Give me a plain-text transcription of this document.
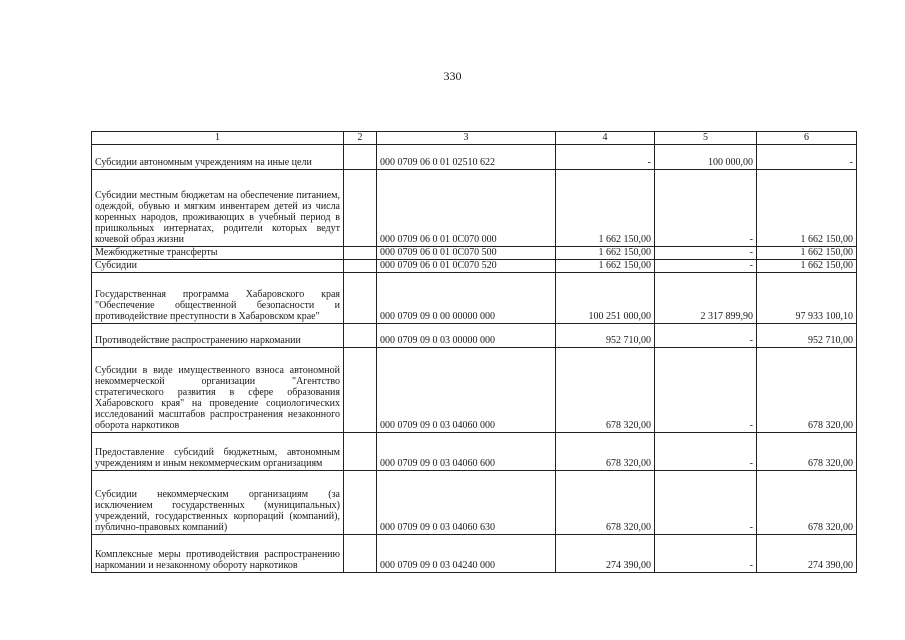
330
1	2	3	4	5	6
Субсидии автономным учреждениям на иные цели		000 0709 06 0 01 02510 622	-	100 000,00	-
Субсидии местным бюджетам на обеспечение питанием, одеждой, обувью и мягким инвентарем детей из числа коренных народов, проживающих в учебный период в пришкольных интернатах, родители которых ведут кочевой образ жизни		000 0709 06 0 01 0С070 000	1 662 150,00	-	1 662 150,00
Межбюджетные трансферты		000 0709 06 0 01 0С070 500	1 662 150,00	-	1 662 150,00
Субсидии		000 0709 06 0 01 0С070 520	1 662 150,00	-	1 662 150,00
Государственная программа Хабаровского края "Обеспечение общественной безопасности и противодействие преступности в Хабаровском крае"		000 0709 09 0 00 00000 000	100 251 000,00	2 317 899,90	97 933 100,10
Противодействие распространению наркомании		000 0709 09 0 03 00000 000	952 710,00	-	952 710,00
Субсидии в виде имущественного взноса автономной некоммерческой организации "Агентство стратегического развития в сфере образования Хабаровского края" на проведение социологических исследований масштабов распространения незаконного оборота наркотиков		000 0709 09 0 03 04060 000	678 320,00	-	678 320,00
Предоставление субсидий бюджетным, автономным учреждениям и иным некоммерческим организациям		000 0709 09 0 03 04060 600	678 320,00	-	678 320,00
Субсидии некоммерческим организациям (за исключением государственных (муниципальных) учреждений, государственных корпораций (компаний), публично-правовых компаний)		000 0709 09 0 03 04060 630	678 320,00	-	678 320,00
Комплексные меры противодействия распространению наркомании и незаконному обороту наркотиков		000 0709 09 0 03 04240 000	274 390,00	-	274 390,00
